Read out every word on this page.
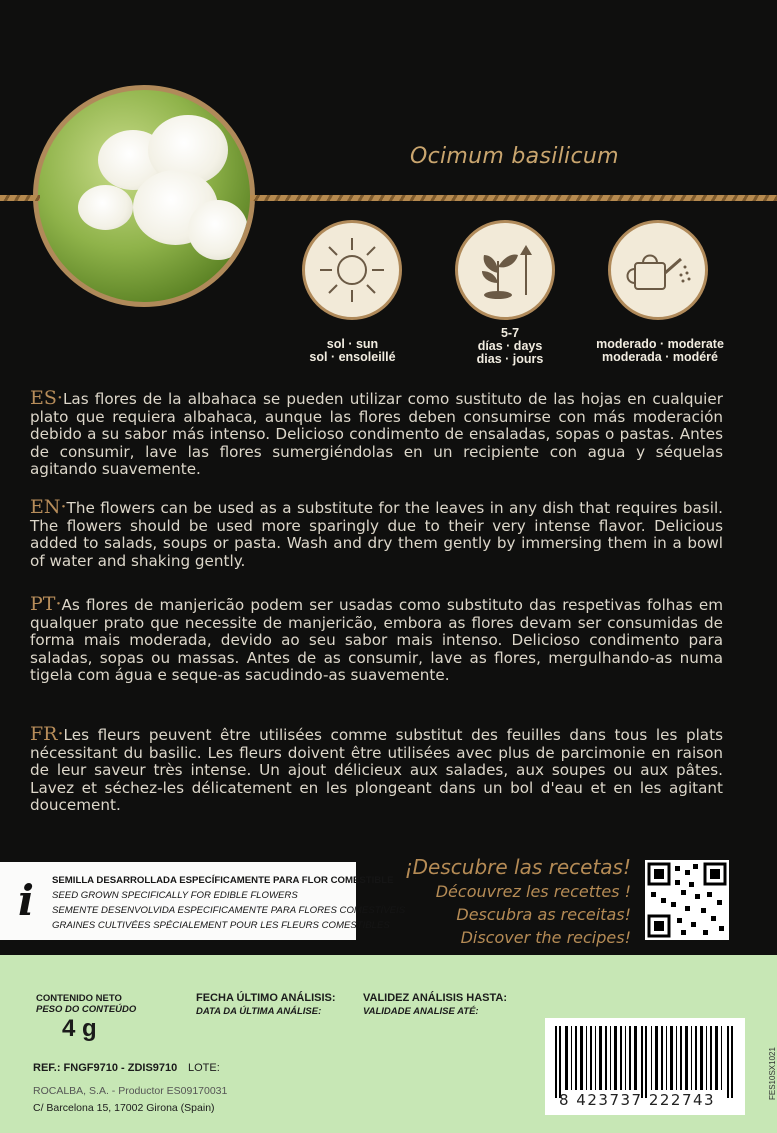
Ocimum basilicum
sol · sun
sol · ensoleillé
5-7
días · days
dias · jours
moderado · moderate
moderada · modéré
ES·Las flores de la albahaca se pueden utilizar como sustituto de las hojas en cualquier plato que requiera albahaca, aunque las flores deben consumirse con más moderación debido a su sabor más intenso. Delicioso condimento de ensaladas, sopas o pastas. Antes de consumir, lave las flores sumergiéndolas en un recipiente con agua y séquelas agitando suavemente.
EN·The flowers can be used as a substitute for the leaves in any dish that requires basil. The flowers should be used more sparingly due to their very intense flavor. Delicious added to salads, soups or pasta. Wash and dry them gently by immersing them in a bowl of water and shaking gently.
PT·As flores de manjericão podem ser usadas como substituto das respetivas folhas em qualquer prato que necessite de manjericão, embora as flores devam ser consumidas de forma mais moderada, devido ao seu sabor mais intenso. Delicioso condimento para saladas, sopas ou massas. Antes de as consumir, lave as flores, mergulhando-as numa tigela com água e seque-as sacudindo-as suavemente.
FR·Les fleurs peuvent être utilisées comme substitut des feuilles dans tous les plats nécessitant du basilic. Les fleurs doivent être utilisées avec plus de parcimonie en raison de leur saveur très intense. Un ajout délicieux aux salades, aux soupes ou aux pâtes. Lavez et séchez-les délicatement en les plongeant dans un bol d'eau et en les agitant doucement.
i SEMILLA DESARROLLADA ESPECÍFICAMENTE PARA FLOR COMESTIBLE
SEED GROWN SPECIFICALLY FOR EDIBLE FLOWERS
SEMENTE DESENVOLVIDA ESPECIFICAMENTE PARA FLORES COMESTÍVEIS
GRAINES CULTIVÉES SPÉCIALEMENT POUR LES FLEURS COMESTIBLES
¡Descubre las recetas!
Découvrez les recettes !
Descubra as receitas!
Discover the recipes!
CONTENIDO NETO
PESO DO CONTEÚDO
4 g
FECHA ÚLTIMO ANÁLISIS:
DATA DA ÚLTIMA ANÁLISE:
VALIDEZ ANÁLISIS HASTA:
VALIDADE ANALISE ATÉ:
REF.: FNGF9710 - ZDIS9710 LOTE:
ROCALBA, S.A. - Productor ES09170031
C/ Barcelona 15, 17002 Girona (Spain)	8 423737 222743	FES10SX1021
